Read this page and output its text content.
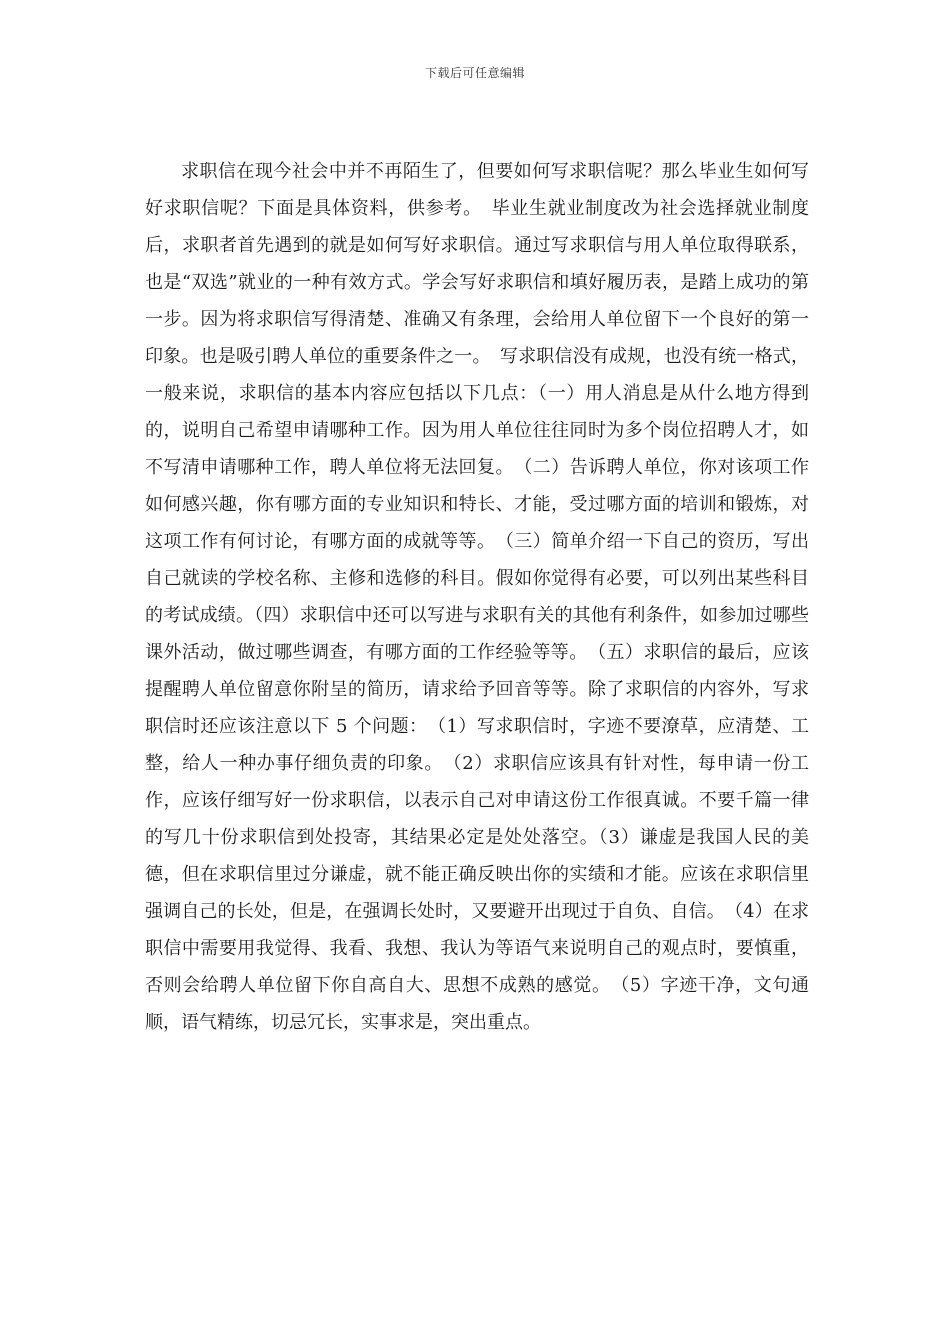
下载后可任意编辑

求职信在现今社会中并不再陌生了，但要如何写求职信呢？那么毕业生如何写好求职信呢？下面是具体资料，供参考。　毕业生就业制度改为社会选择就业制度后，求职者首先遇到的就是如何写好求职信。通过写求职信与用人单位取得联系，也是“双选”就业的一种有效方式。学会写好求职信和填好履历表，是踏上成功的第一步。因为将求职信写得清楚、准确又有条理，会给用人单位留下一个良好的第一印象。也是吸引聘人单位的重要条件之一。　写求职信没有成规，也没有统一格式，一般来说，求职信的基本内容应包括以下几点：（一）用人消息是从什么地方得到的，说明自己希望申请哪种工作。因为用人单位往往同时为多个岗位招聘人才，如不写清申请哪种工作，聘人单位将无法回复。　（二）告诉聘人单位，你对该项工作如何感兴趣，你有哪方面的专业知识和特长、才能，受过哪方面的培训和锻炼，对这项工作有何讨论，有哪方面的成就等等。　（三）简单介绍一下自己的资历，写出自己就读的学校名称、主修和选修的科目。假如你觉得有必要，可以列出某些科目的考试成绩。（四）求职信中还可以写进与求职有关的其他有利条件，如参加过哪些课外活动，做过哪些调查，有哪方面的工作经验等等。　（五）求职信的最后，应该提醒聘人单位留意你附呈的简历，请求给予回音等等。除了求职信的内容外，写求职信时还应该注意以下 5 个问题：　（1）写求职信时，字迹不要潦草，应清楚、工整，给人一种办事仔细负责的印象。　（2）求职信应该具有针对性，每申请一份工作，应该仔细写好一份求职信，以表示自己对申请这份工作很真诚。不要千篇一律的写几十份求职信到处投寄，其结果必定是处处落空。（3）谦虚是我国人民的美德，但在求职信里过分谦虚，就不能正确反映出你的实绩和才能。应该在求职信里强调自己的长处，但是，在强调长处时，又要避开出现过于自负、自信。　（4）在求职信中需要用我觉得、我看、我想、我认为等语气来说明自己的观点时，要慎重，否则会给聘人单位留下你自高自大、思想不成熟的感觉。　（5）字迹干净，文句通顺，语气精练，切忌冗长，实事求是，突出重点。
